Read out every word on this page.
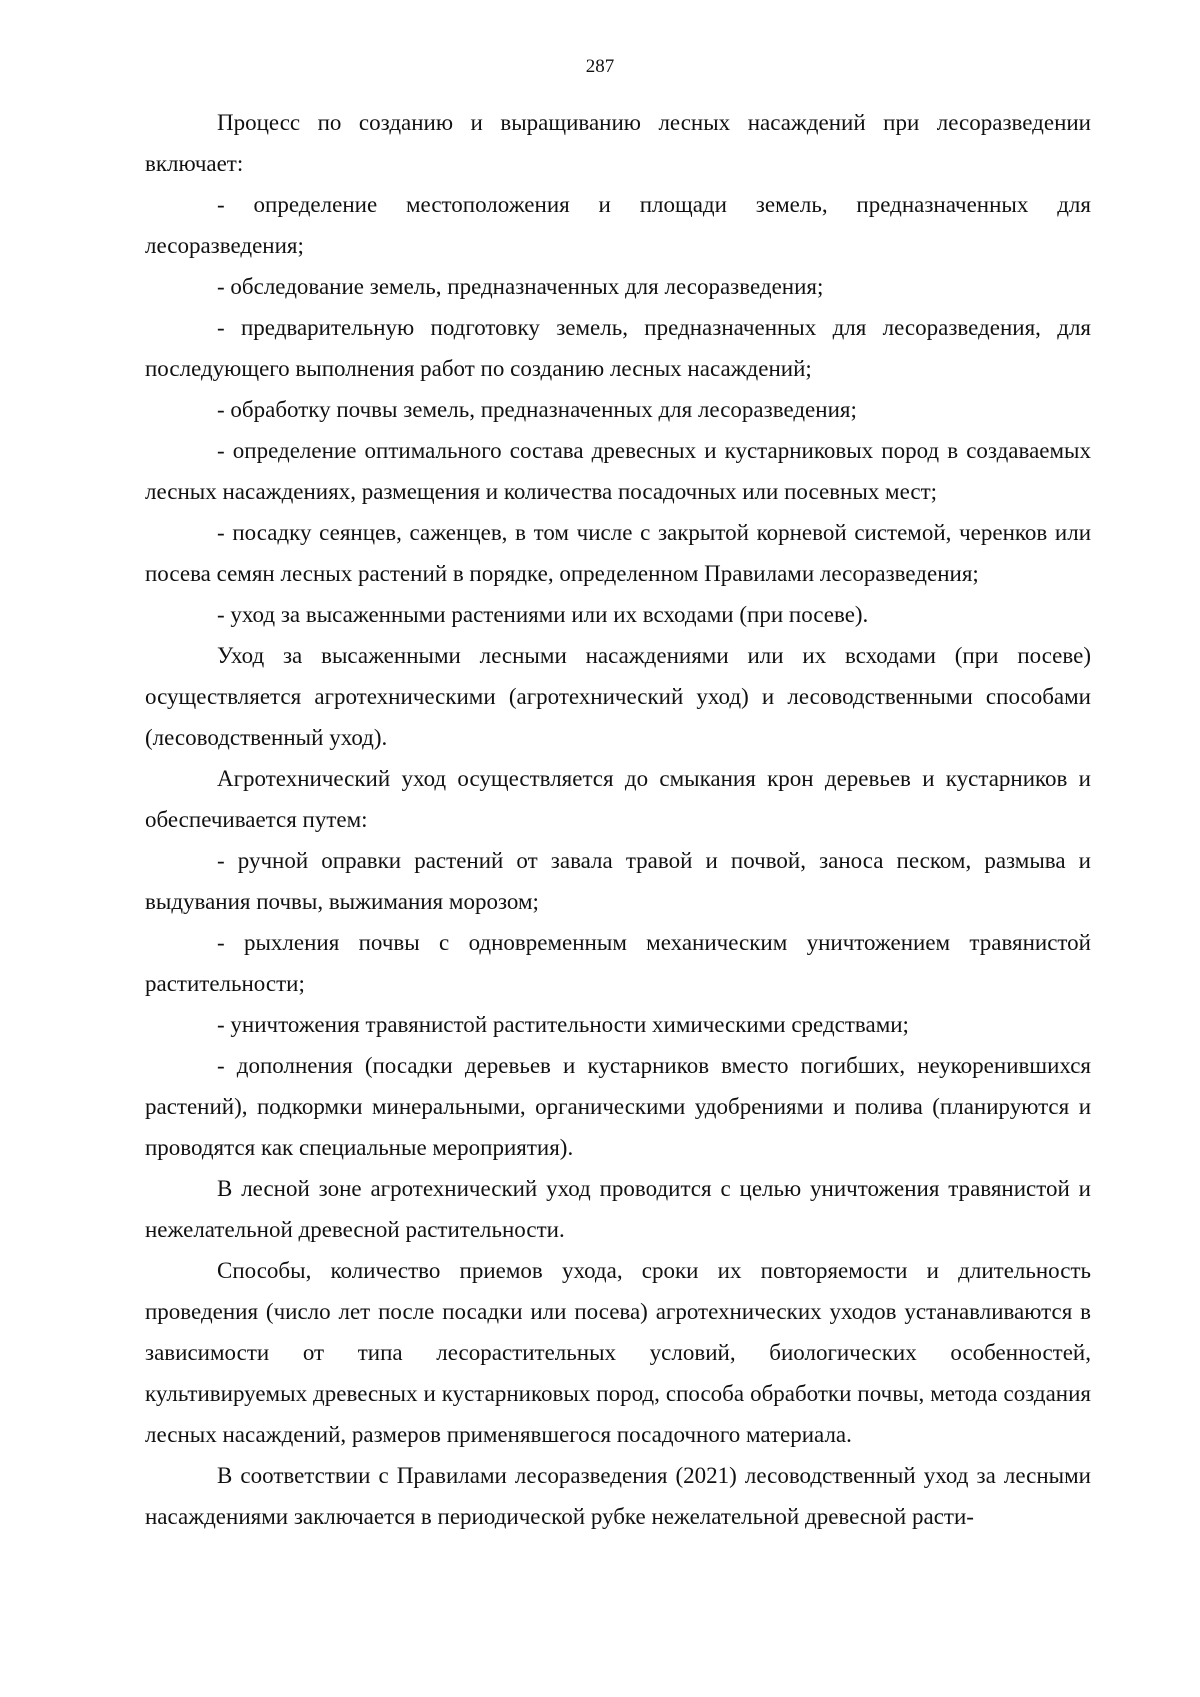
287

Процесс по созданию и выращиванию лесных насаждений при лесоразведении включает:

- определение местоположения и площади земель, предназначенных для лесоразведения;

- обследование земель, предназначенных для лесоразведения;

- предварительную подготовку земель, предназначенных для лесоразведения, для последующего выполнения работ по созданию лесных насаждений;

- обработку почвы земель, предназначенных для лесоразведения;

- определение оптимального состава древесных и кустарниковых пород в создаваемых лесных насаждениях, размещения и количества посадочных или посевных мест;

- посадку сеянцев, саженцев, в том числе с закрытой корневой системой, черенков или посева семян лесных растений в порядке, определенном Правилами лесоразведения;

- уход за высаженными растениями или их всходами (при посеве).

Уход за высаженными лесными насаждениями или их всходами (при посеве) осуществляется агротехническими (агротехнический уход) и лесоводственными способами (лесоводственный уход).

Агротехнический уход осуществляется до смыкания крон деревьев и кустарников и обеспечивается путем:

- ручной оправки растений от завала травой и почвой, заноса песком, размыва и выдувания почвы, выжимания морозом;

- рыхления почвы с одновременным механическим уничтожением травянистой растительности;

- уничтожения травянистой растительности химическими средствами;

- дополнения (посадки деревьев и кустарников вместо погибших, неукоренившихся растений), подкормки минеральными, органическими удобрениями и полива (планируются и проводятся как специальные мероприятия).

В лесной зоне агротехнический уход проводится с целью уничтожения травянистой и нежелательной древесной растительности.

Способы, количество приемов ухода, сроки их повторяемости и длительность проведения (число лет после посадки или посева) агротехнических уходов устанавливаются в зависимости от типа лесорастительных условий, биологических особенностей, культивируемых древесных и кустарниковых пород, способа обработки почвы, метода создания лесных насаждений, размеров применявшегося посадочного материала.

В соответствии с Правилами лесоразведения (2021) лесоводственный уход за лесными насаждениями заключается в периодической рубке нежелательной древесной расти-
